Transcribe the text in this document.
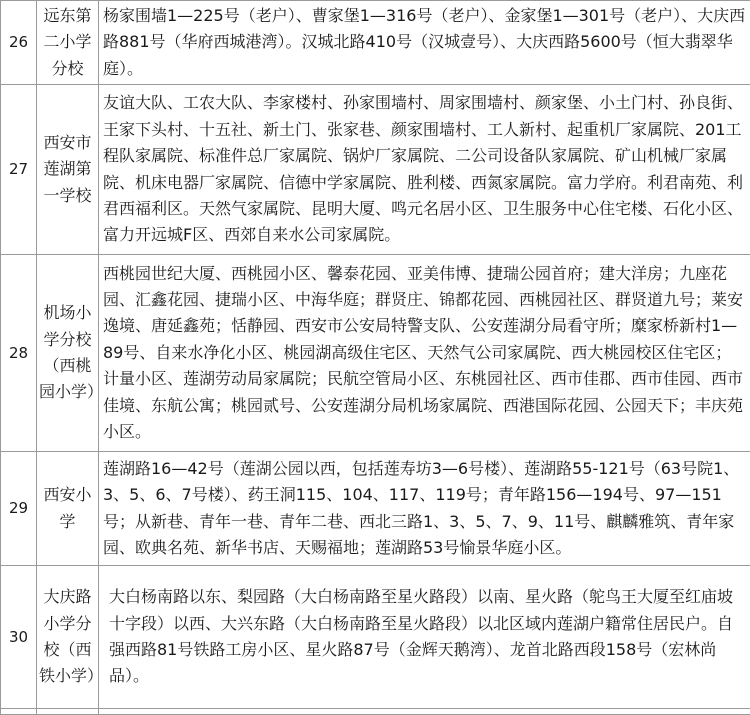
26	远东第二小学分校	杨家围墙1—225号（老户）、曹家堡1—316号（老户）、金家堡1—301号（老户）、大庆西路881号（华府西城港湾）。汉城北路410号（汉城壹号）、大庆西路5600号（恒大翡翠华庭）。
27	西安市莲湖第一学校	友谊大队、工农大队、李家楼村、孙家围墙村、周家围墙村、颜家堡、小土门村、孙良街、王家下头村、十五社、新土门、张家巷、颜家围墙村、工人新村、起重机厂家属院、201工程队家属院、标准件总厂家属院、锅炉厂家属院、二公司设备队家属院、矿山机械厂家属院、机床电器厂家属院、信德中学家属院、胜利楼、西氮家属院。富力学府。利君南苑、利君西福利区。天然气家属院、昆明大厦、鸣元名居小区、卫生服务中心住宅楼、石化小区、富力开远城F区、西郊自来水公司家属院。
28	机场小学分校（西桃园小学）	西桃园世纪大厦、西桃园小区、馨泰花园、亚美伟博、捷瑞公园首府；建大洋房；九座花园、汇鑫花园、捷瑞小区、中海华庭；群贤庄、锦都花园、西桃园社区、群贤道九号；莱安逸境、唐延鑫苑；恬静园、西安市公安局特警支队、公安莲湖分局看守所；糜家桥新村1—89号、自来水净化小区、桃园湖高级住宅区、天然气公司家属院、西大桃园校区住宅区；计量小区、莲湖劳动局家属院；民航空管局小区、东桃园社区、西市佳郡、西市佳园、西市佳境、东航公寓；桃园贰号、公安莲湖分局机场家属院、西港国际花园、公园天下；丰庆苑小区。
29	西安小学	莲湖路16—42号（莲湖公园以西，包括莲寿坊3—6号楼）、莲湖路55-121号（63号院1、3、5、6、7号楼）、药王洞115、104、117、119号；青年路156—194号、97—151号；从新巷、青年一巷、青年二巷、西北三路1、3、5、7、9、11号、麒麟雅筑、青年家园、欧典名苑、新华书店、天赐福地；莲湖路53号愉景华庭小区。
30	大庆路小学分校（西铁小学）	大白杨南路以东、梨园路（大白杨南路至星火路段）以南、星火路（鸵鸟王大厦至红庙坡十字段）以西、大兴东路（大白杨南路至星火路段）以北区域内莲湖户籍常住居民户。自强西路81号铁路工房小区、星火路87号（金辉天鹅湾）、龙首北路西段158号（宏林尚品）。
